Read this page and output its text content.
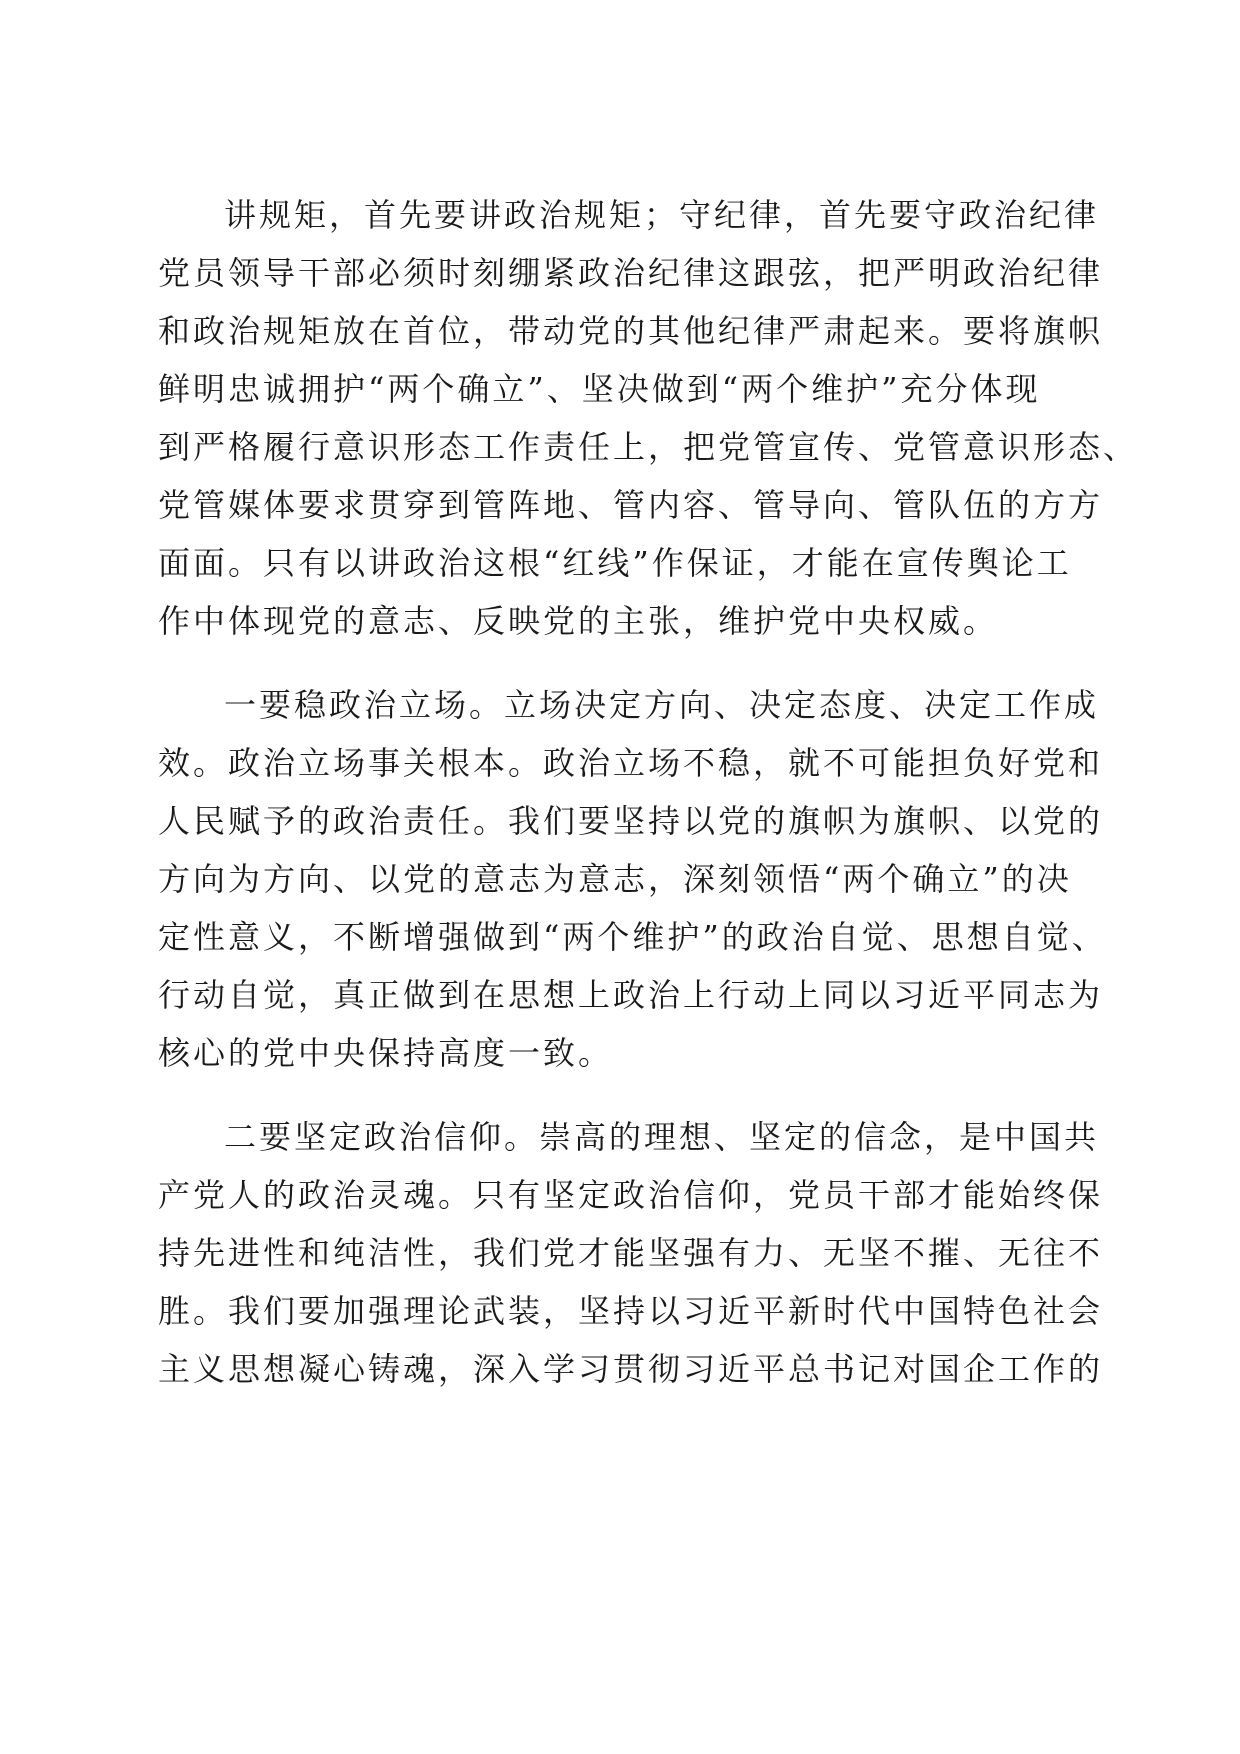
讲规矩，首先要讲政治规矩；守纪律，首先要守政治纪律
党员领导干部必须时刻绷紧政治纪律这跟弦，把严明政治纪律
和政治规矩放在首位，带动党的其他纪律严肃起来。要将旗帜
鲜明忠诚拥护“两个确立”、坚决做到“两个维护”充分体现
到严格履行意识形态工作责任上，把党管宣传、党管意识形态、
党管媒体要求贯穿到管阵地、管内容、管导向、管队伍的方方
面面。只有以讲政治这根“红线”作保证，才能在宣传舆论工
作中体现党的意志、反映党的主张，维护党中央权威。

一要稳政治立场。立场决定方向、决定态度、决定工作成
效。政治立场事关根本。政治立场不稳，就不可能担负好党和
人民赋予的政治责任。我们要坚持以党的旗帜为旗帜、以党的
方向为方向、以党的意志为意志，深刻领悟“两个确立”的决
定性意义，不断增强做到“两个维护”的政治自觉、思想自觉、
行动自觉，真正做到在思想上政治上行动上同以习近平同志为
核心的党中央保持高度一致。

二要坚定政治信仰。崇高的理想、坚定的信念，是中国共
产党人的政治灵魂。只有坚定政治信仰，党员干部才能始终保
持先进性和纯洁性，我们党才能坚强有力、无坚不摧、无往不
胜。我们要加强理论武装，坚持以习近平新时代中国特色社会
主义思想凝心铸魂，深入学习贯彻习近平总书记对国企工作的
